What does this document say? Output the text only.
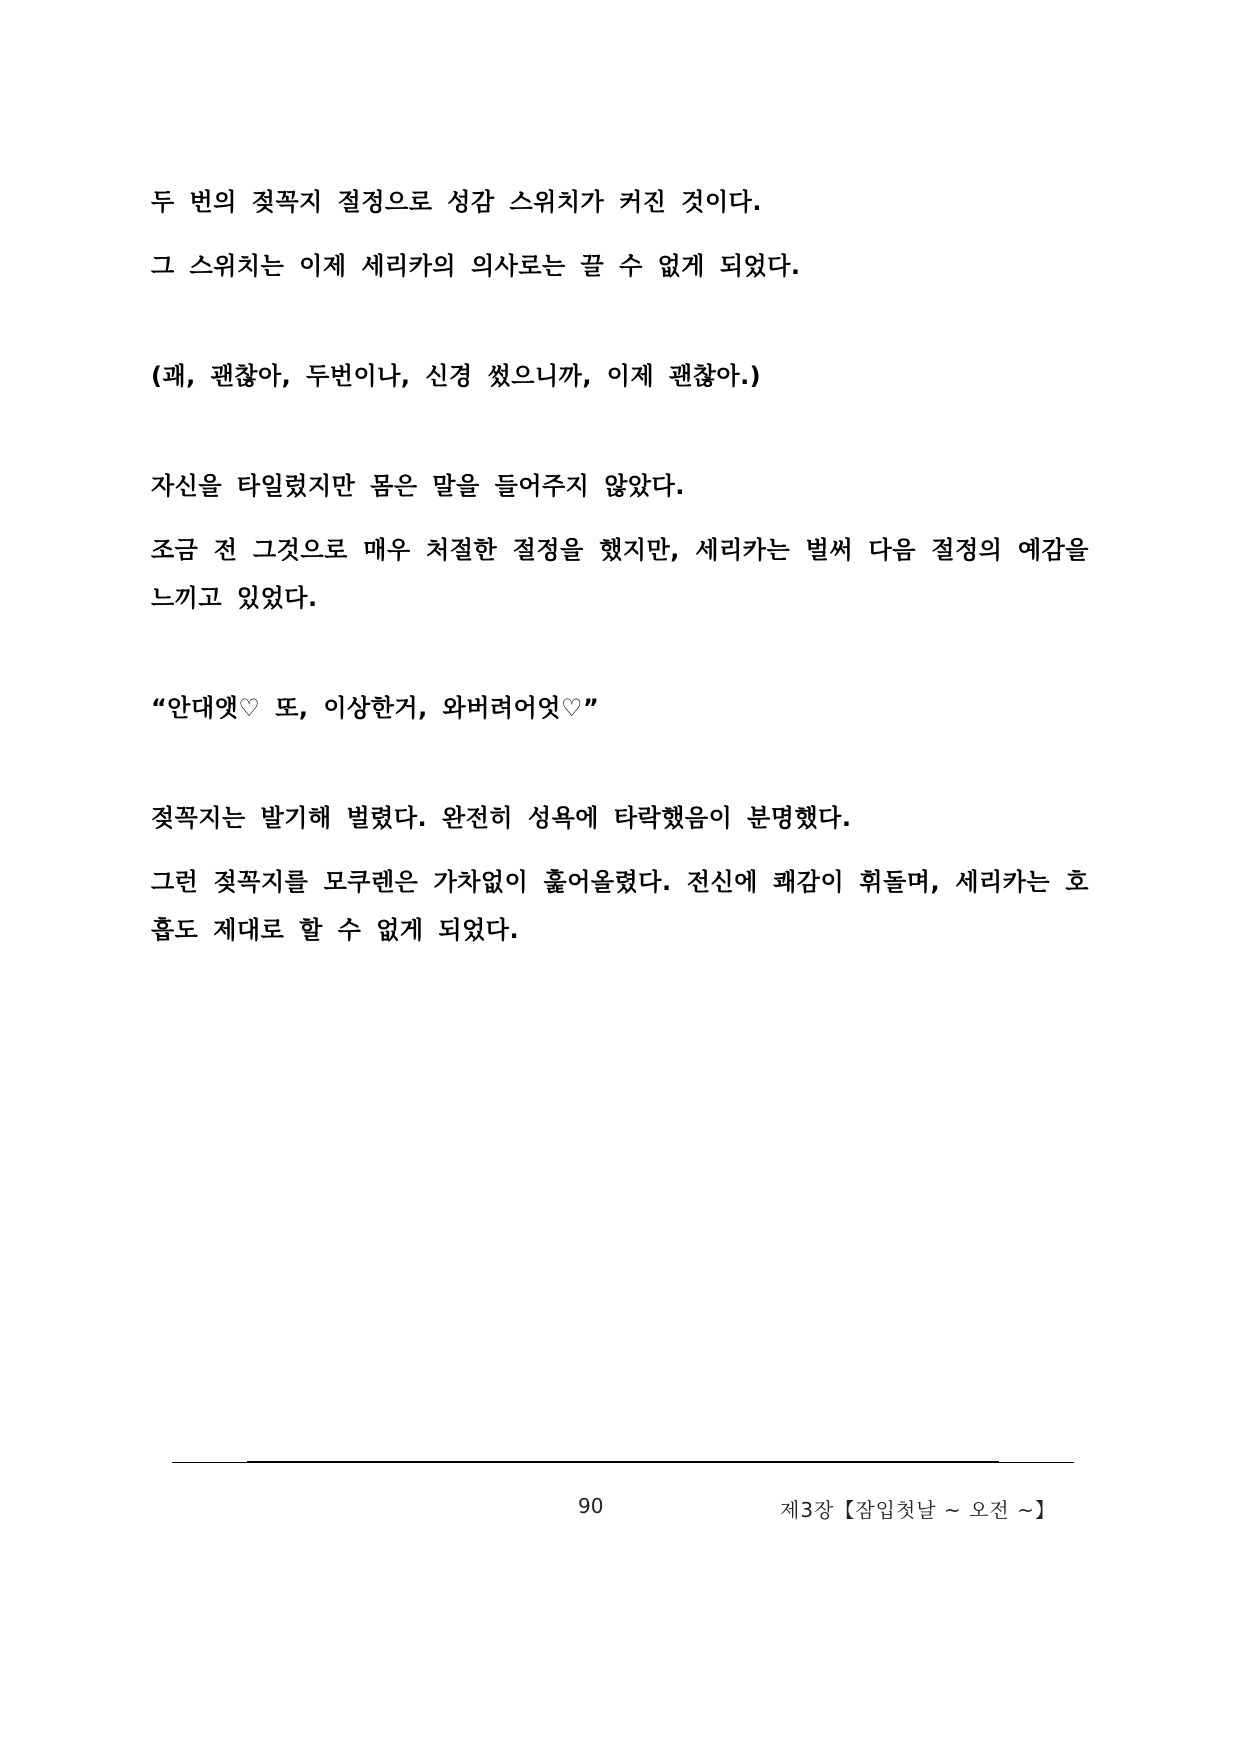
두 번의 젖꼭지 절정으로 성감 스위치가 커진 것이다.

그 스위치는 이제 세리카의 의사로는 끌 수 없게 되었다.

(괘, 괜찮아, 두번이나, 신경 썼으니까, 이제 괜찮아.)

자신을 타일렀지만 몸은 말을 들어주지 않았다.

조금 전 그것으로 매우 처절한 절정을 했지만, 세리카는 벌써 다음 절정의 예감을 느끼고 있었다.

“안대앳♡ 또, 이상한거, 와버려어엇♡”

젖꼭지는 발기해 벌렸다. 완전히 성욕에 타락했음이 분명했다.

그런 젖꼭지를 모쿠렌은 가차없이 훑어올렸다. 전신에 쾌감이 휘돌며, 세리카는 호흡도 제대로 할 수 없게 되었다.

90	제3장【잠입첫날 ~ 오전 ~】
